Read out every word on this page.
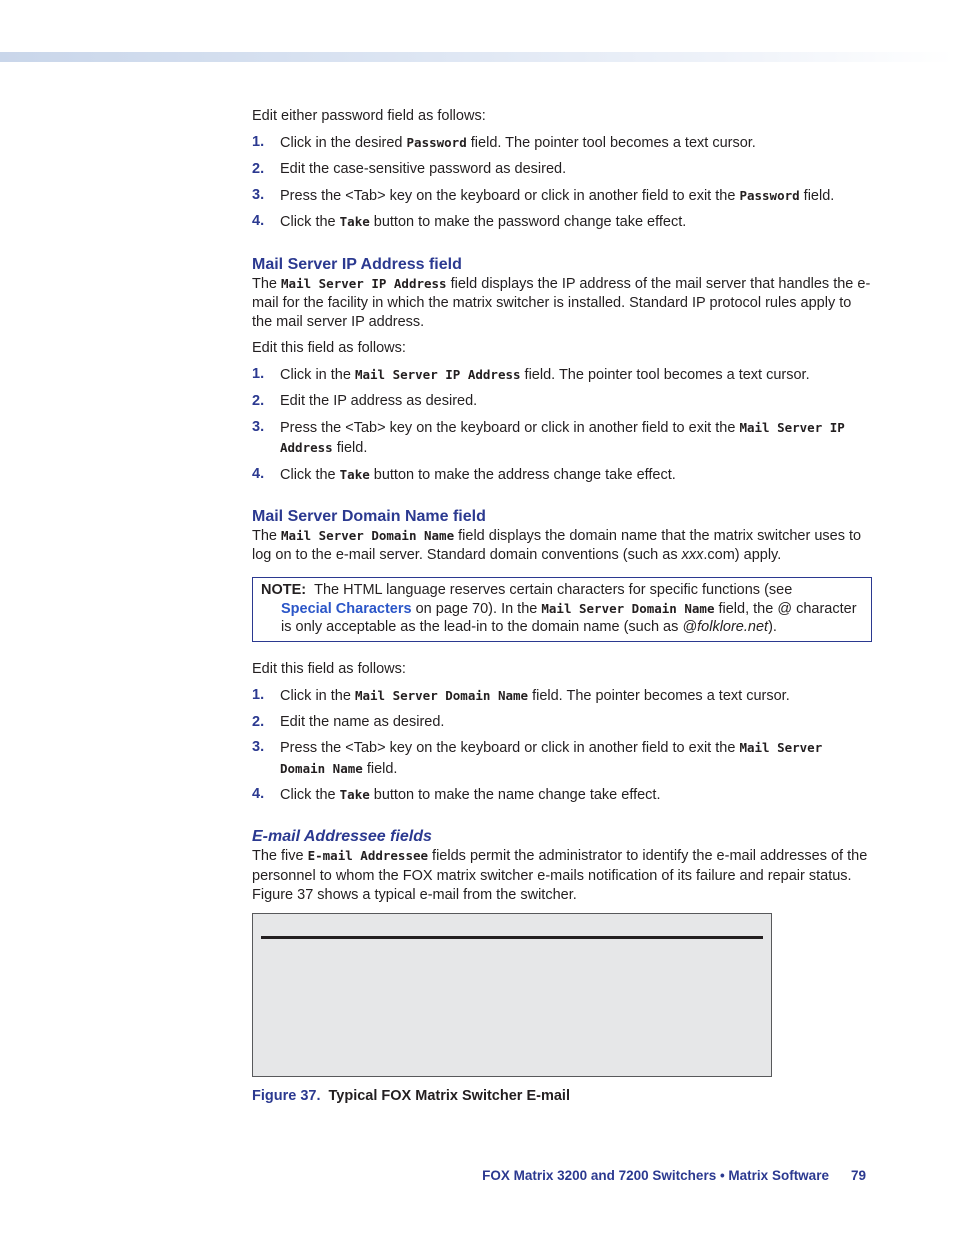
Edit either password field as follows:

1. Click in the desired Password field. The pointer tool becomes a text cursor.
2. Edit the case-sensitive password as desired.
3. Press the <Tab> key on the keyboard or click in another field to exit the Password field.
4. Click the Take button to make the password change take effect.
Mail Server IP Address field

The Mail Server IP Address field displays the IP address of the mail server that handles the e-mail for the facility in which the matrix switcher is installed. Standard IP protocol rules apply to the mail server IP address.

Edit this field as follows:

1. Click in the Mail Server IP Address field. The pointer tool becomes a text cursor.
2. Edit the IP address as desired.
3. Press the <Tab> key on the keyboard or click in another field to exit the Mail Server IP Address field.
4. Click the Take button to make the address change take effect.
Mail Server Domain Name field

The Mail Server Domain Name field displays the domain name that the matrix switcher uses to log on to the e-mail server. Standard domain conventions (such as xxx.com) apply.

NOTE: The HTML language reserves certain characters for specific functions (see
Special Characters on page 70). In the Mail Server Domain Name field, the @ character is only acceptable as the lead-in to the domain name (such as @folklore.net).

Edit this field as follows:

1. Click in the Mail Server Domain Name field. The pointer becomes a text cursor.
2. Edit the name as desired.
3. Press the <Tab> key on the keyboard or click in another field to exit the Mail Server Domain Name field.
4. Click the Take button to make the name change take effect.
E-mail Addressee fields

The five E-mail Addressee fields permit the administrator to identify the e-mail addresses of the personnel to whom the FOX matrix switcher e-mails notification of its failure and repair status. Figure 37 shows a typical e-mail from the switcher.

Figure 37. Typical FOX Matrix Switcher E-mail

FOX Matrix 3200 and 7200 Switchers • Matrix Software 79
